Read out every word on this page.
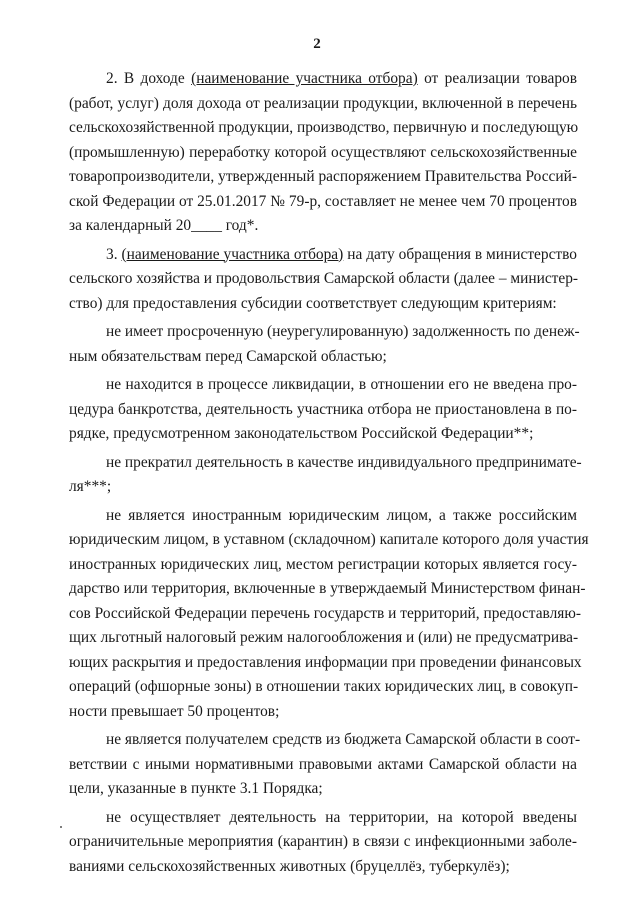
2
2. В доходе (наименование участника отбора) от реализации товаров
(работ, услуг) доля дохода от реализации продукции, включенной в перечень
сельскохозяйственной продукции, производство, первичную и последующую
(промышленную) переработку которой осуществляют сельскохозяйственные
товаропроизводители, утвержденный распоряжением Правительства Россий-
ской Федерации от 25.01.2017 № 79-р, составляет не менее чем 70 процентов
за календарный 20____ год*.
3. (наименование участника отбора) на дату обращения в министерство
сельского хозяйства и продовольствия Самарской области (далее – министер-
ство) для предоставления субсидии соответствует следующим критериям:
не имеет просроченную (неурегулированную) задолженность по денеж-
ным обязательствам перед Самарской областью;
не находится в процессе ликвидации, в отношении его не введена про-
цедура банкротства, деятельность участника отбора не приостановлена в по-
рядке, предусмотренном законодательством Российской Федерации**;
не прекратил деятельность в качестве индивидуального предпринимате-
ля***;
не является иностранным юридическим лицом, а также российским
юридическим лицом, в уставном (складочном) капитале которого доля участия
иностранных юридических лиц, местом регистрации которых является госу-
дарство или территория, включенные в утверждаемый Министерством финан-
сов Российской Федерации перечень государств и территорий, предоставляю-
щих льготный налоговый режим налогообложения и (или) не предусматрива-
ющих раскрытия и предоставления информации при проведении финансовых
операций (офшорные зоны) в отношении таких юридических лиц, в совокуп-
ности превышает 50 процентов;
не является получателем средств из бюджета Самарской области в соот-
ветствии с иными нормативными правовыми актами Самарской области на
цели, указанные в пункте 3.1 Порядка;
не осуществляет деятельность на территории, на которой введены
ограничительные мероприятия (карантин) в связи с инфекционными заболе-
ваниями сельскохозяйственных животных (бруцеллёз, туберкулёз);
